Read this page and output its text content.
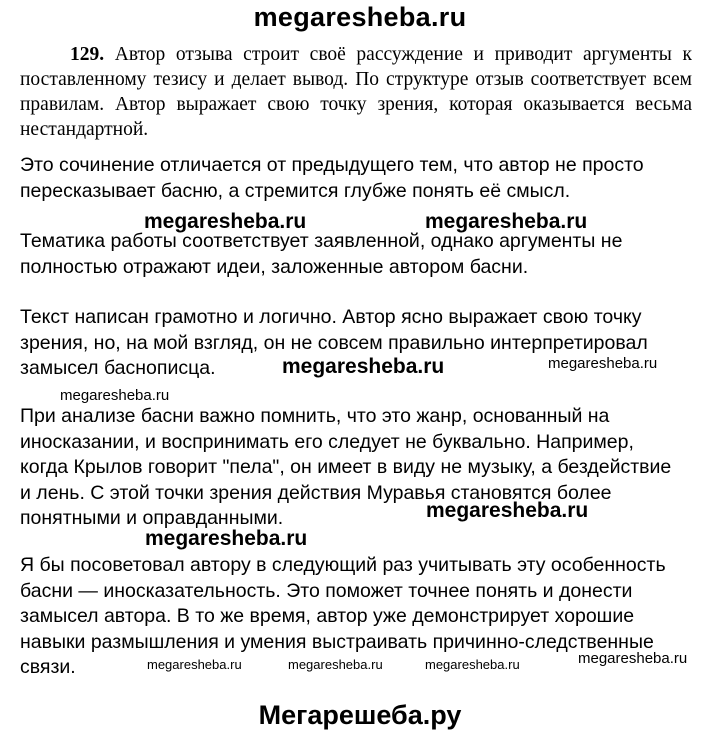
megaresheba.ru
129. Автор отзыва строит своё рассуждение и приводит аргументы к поставленному тезису и делает вывод. По структуре отзыв соответствует всем правилам. Автор выражает свою точку зрения, которая оказывается весьма нестандартной.
Это сочинение отличается от предыдущего тем, что автор не просто
пересказывает басню, а стремится глубже понять её смысл.
Тематика работы соответствует заявленной, однако аргументы не
полностью отражают идеи, заложенные автором басни.
Текст написан грамотно и логично. Автор ясно выражает свою точку
зрения, но, на мой взгляд, он не совсем правильно интерпретировал
замысел баснописца.
При анализе басни важно помнить, что это жанр, основанный на
иносказании, и воспринимать его следует не буквально. Например,
когда Крылов говорит "пела", он имеет в виду не музыку, а бездействие
и лень. С этой точки зрения действия Муравья становятся более
понятными и оправданными.
Я бы посоветовал автору в следующий раз учитывать эту особенность
басни — иносказательность. Это поможет точнее понять и донести
замысел автора. В то же время, автор уже демонстрирует хорошие
навыки размышления и умения выстраивать причинно-следственные
связи.
megaresheba.ru	megaresheba.ru
megaresheba.ru	megaresheba.ru
megaresheba.ru
megaresheba.ru
megaresheba.ru
megaresheba.ru	megaresheba.ru	megaresheba.ru	megaresheba.ru
Мегарешеба.ру
